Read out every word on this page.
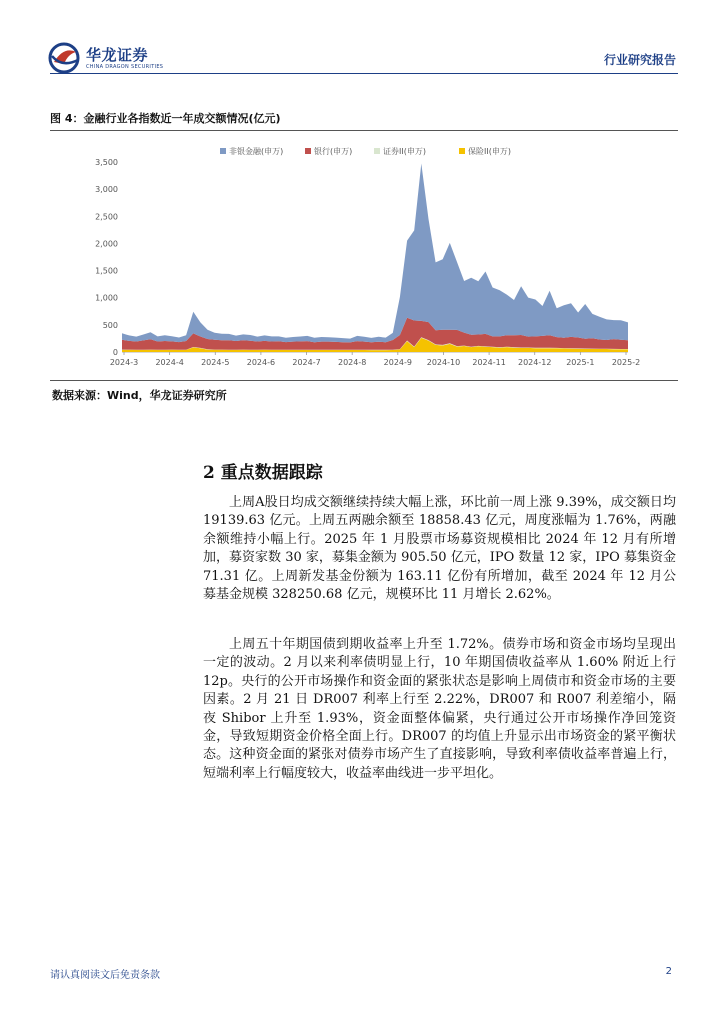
华龙证券
CHINA DRAGON SECURITIES	行业研究报告
图 4：金融行业各指数近一年成交额情况(亿元)
非银金融(申万)	银行(申万)	证券II(申万)	保险II(申万)
0
500
1,000
1,500
2,000
2,500
3,000
3,500
2024-3 2024-4 2024-5 2024-6 2024-7 2024-8 2024-9 2024-10 2024-11 2024-12 2025-1 2025-2
数据来源：Wind，华龙证券研究所
2 重点数据跟踪

上周A股日均成交额继续持续大幅上涨，环比前一周上涨 9.39%，成交额日均 19139.63 亿元。上周五两融余额至 18858.43 亿元，周度涨幅为 1.76%，两融余额维持小幅上行。2025 年 1 月股票市场募资规模相比 2024 年 12 月有所增加，募资家数 30 家，募集金额为 905.50 亿元，IPO 数量 12 家，IPO 募集资金 71.31 亿。上周新发基金份额为 163.11 亿份有所增加，截至 2024 年 12 月公募基金规模 328250.68 亿元，规模环比 11 月增长 2.62%。

上周五十年期国债到期收益率上升至 1.72%。债券市场和资金市场均呈现出一定的波动。2 月以来利率债明显上行，10 年期国债收益率从 1.60% 附近上行 12p。央行的公开市场操作和资金面的紧张状态是影响上周债市和资金市场的主要因素。2 月 21 日 DR007 利率上行至 2.22%，DR007 和 R007 利差缩小，隔夜 Shibor 上升至 1.93%，资金面整体偏紧，央行通过公开市场操作净回笼资金，导致短期资金价格全面上行。DR007 的均值上升显示出市场资金的紧平衡状态。这种资金面的紧张对债券市场产生了直接影响，导致利率债收益率普遍上行，短端利率上行幅度较大，收益率曲线进一步平坦化。

请认真阅读文后免责条款	2
